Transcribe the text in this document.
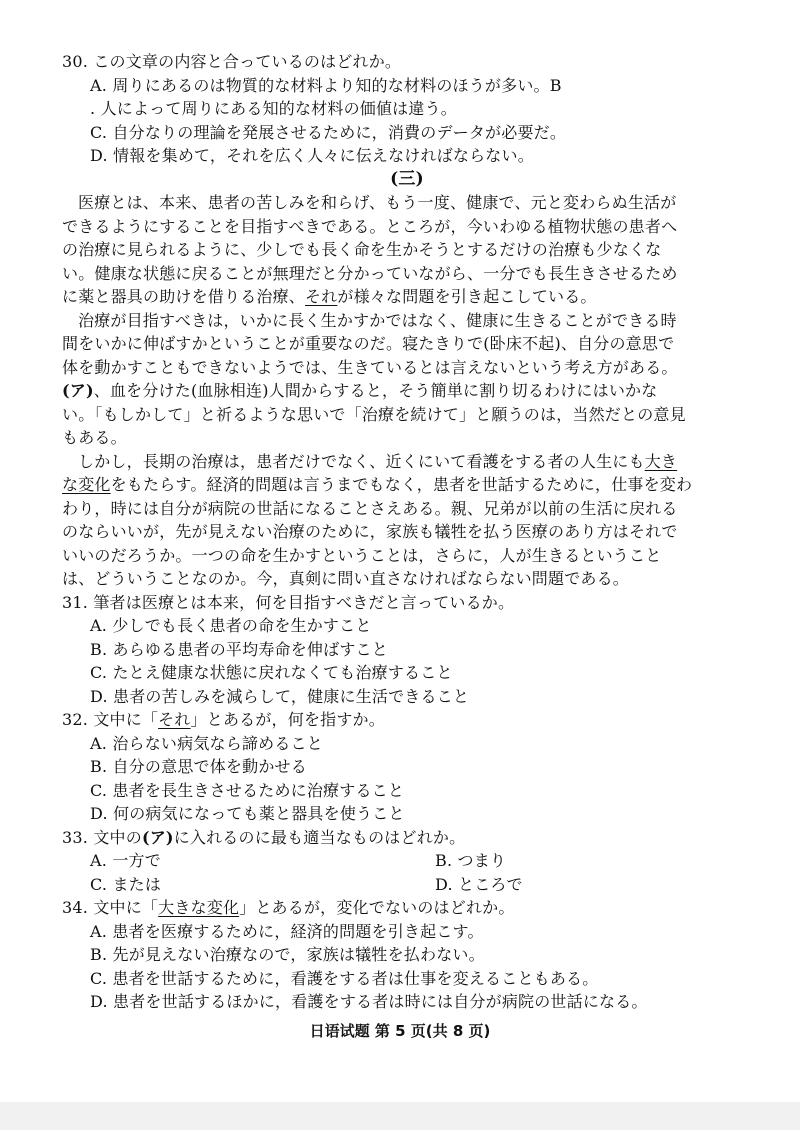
30. この文章の内容と合っているのはどれか。
A. 周りにあるのは物質的な材料より知的な材料のほうが多い。B
. 人によって周りにある知的な材料の価値は違う。
C. 自分なりの理論を発展させるために，消費のデータが必要だ。
D. 情報を集めて，それを広く人々に伝えなければならない。
(三)
医療とは、本来、患者の苦しみを和らげ、もう一度、健康で、元と変わらぬ生活が
できるようにすることを目指すべきである。ところが，今いわゆる植物状態の患者へ
の治療に見られるように、少しでも長く命を生かそうとするだけの治療も少なくな
い。健康な状態に戻ることが無理だと分かっていながら、一分でも長生きさせるため
に薬と器具の助けを借りる治療、それが様々な問題を引き起こしている。
治療が目指すべきは，いかに長く生かすかではなく、健康に生きることができる時
間をいかに伸ばすかということが重要なのだ。寝たきりで(卧床不起)、自分の意思で
体を動かすこともできないようでは、生きているとは言えないという考え方がある。
(ア)、血を分けた(血脉相连)人間からすると，そう簡単に割り切るわけにはいかな
い。「もしかして」と祈るような思いで「治療を続けて」と願うのは，当然だとの意見
もある。
しかし，長期の治療は，患者だけでなく、近くにいて看護をする者の人生にも大き
な変化をもたらす。経済的問題は言うまでもなく，患者を世話するために，仕事を変わ
わり，時には自分が病院の世話になることさえある。親、兄弟が以前の生活に戻れる
のならいいが，先が見えない治療のために，家族も犠牲を払う医療のあり方はそれで
いいのだろうか。一つの命を生かすということは，さらに，人が生きるということ
は、どういうことなのか。今，真剣に問い直さなければならない問題である。
31. 筆者は医療とは本来，何を目指すべきだと言っているか。
A. 少しでも長く患者の命を生かすこと
B. あらゆる患者の平均寿命を伸ばすこと
C. たとえ健康な状態に戻れなくても治療すること
D. 患者の苦しみを減らして，健康に生活できること
32. 文中に「それ」とあるが，何を指すか。
A. 治らない病気なら諦めること
B. 自分の意思で体を動かせる
C. 患者を長生きさせるために治療すること
D. 何の病気になっても薬と器具を使うこと
33. 文中の(ア)に入れるのに最も適当なものはどれか。
A. 一方で	B. つまり
C. または	D. ところで
34. 文中に「大きな変化」とあるが，変化でないのはどれか。
A. 患者を医療するために，経済的問題を引き起こす。
B. 先が見えない治療なので，家族は犠牲を払わない。
C. 患者を世話するために，看護をする者は仕事を変えることもある。
D. 患者を世話するほかに，看護をする者は時には自分が病院の世話になる。
日语试题 第 5 页(共 8 页)
